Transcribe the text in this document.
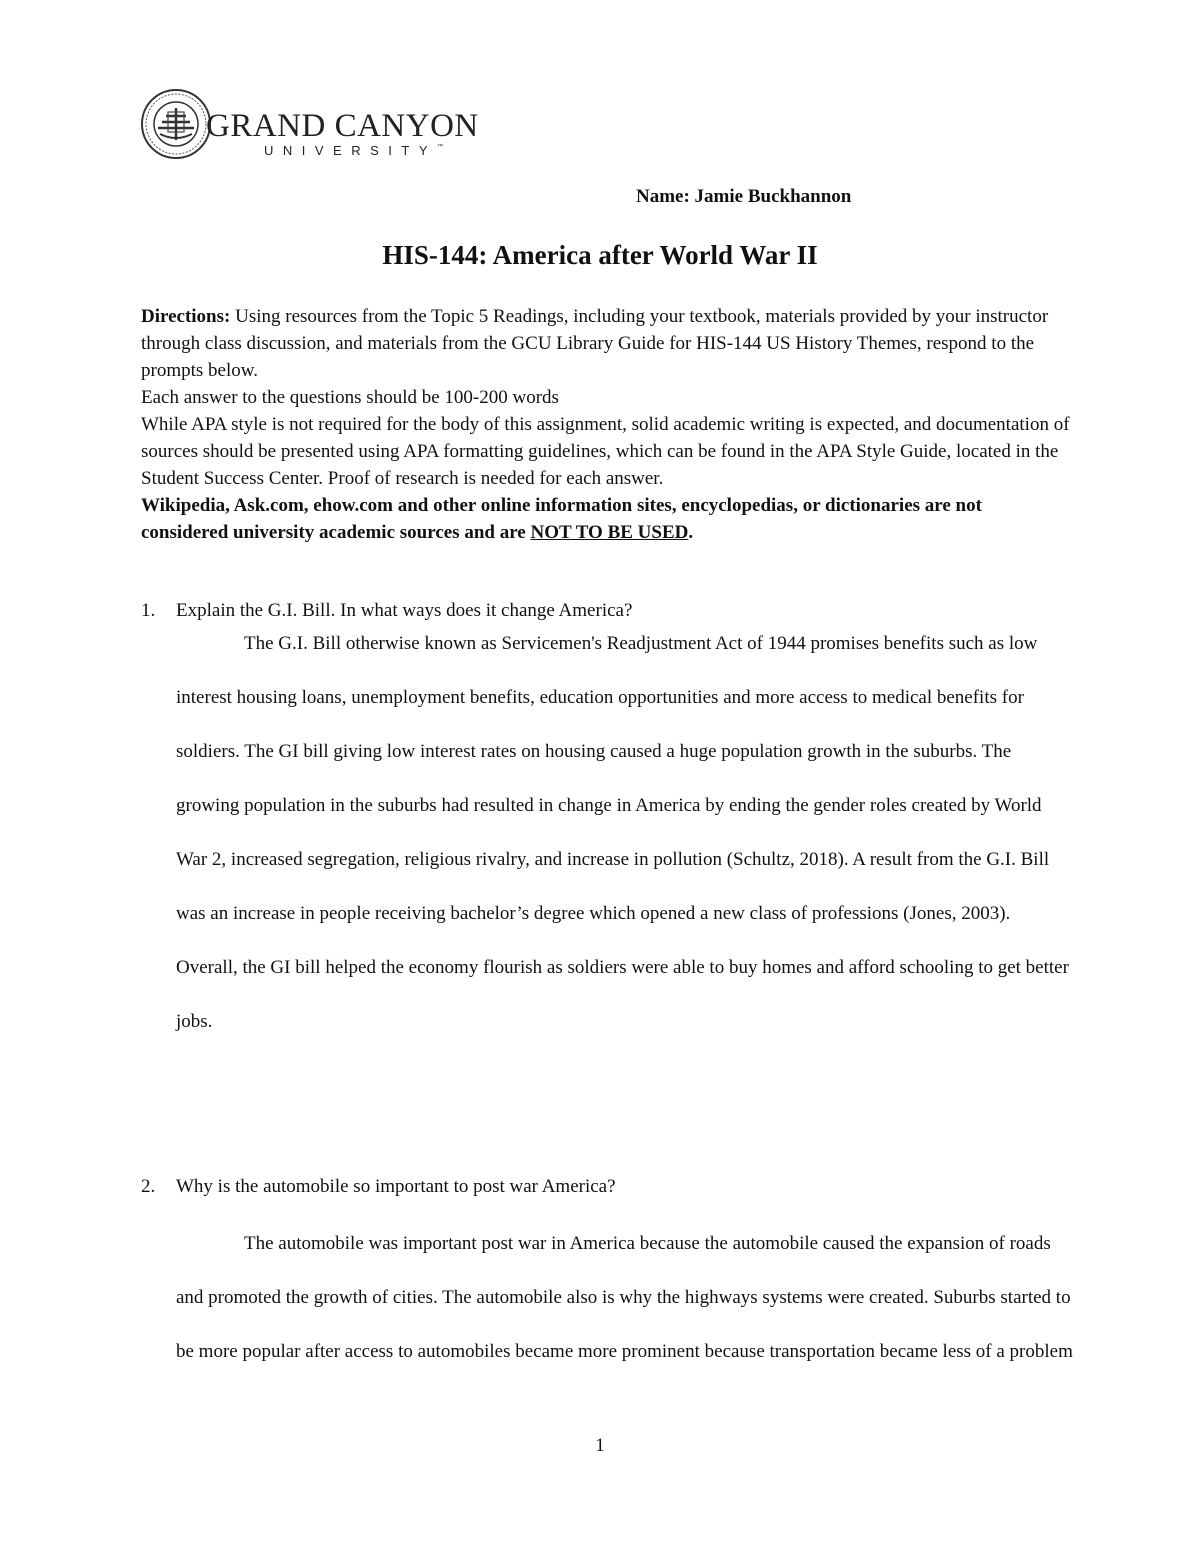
GRAND CANYON
UNIVERSITY™
Name: Jamie Buckhannon
HIS-144: America after World War II

Directions: Using resources from the Topic 5 Readings, including your textbook, materials provided by your instructor through class discussion, and materials from the GCU Library Guide for HIS-144 US History Themes, respond to the prompts below.

Each answer to the questions should be 100-200 words

While APA style is not required for the body of this assignment, solid academic writing is expected, and documentation of sources should be presented using APA formatting guidelines, which can be found in the APA Style Guide, located in the Student Success Center. Proof of research is needed for each answer.

Wikipedia, Ask.com, ehow.com and other online information sites, encyclopedias, or dictionaries are not considered university academic sources and are NOT TO BE USED.

1. Explain the G.I. Bill. In what ways does it change America?

The G.I. Bill otherwise known as Servicemen's Readjustment Act of 1944 promises benefits such as low interest housing loans, unemployment benefits, education opportunities and more access to medical benefits for soldiers. The GI bill giving low interest rates on housing caused a huge population growth in the suburbs. The growing population in the suburbs had resulted in change in America by ending the gender roles created by World War 2, increased segregation, religious rivalry, and increase in pollution (Schultz, 2018). A result from the G.I. Bill was an increase in people receiving bachelor’s degree which opened a new class of professions (Jones, 2003). Overall, the GI bill helped the economy flourish as soldiers were able to buy homes and afford schooling to get better jobs.

2. Why is the automobile so important to post war America?

The automobile was important post war in America because the automobile caused the expansion of roads and promoted the growth of cities. The automobile also is why the highways systems were created. Suburbs started to be more popular after access to automobiles became more prominent because transportation became less of a problem

1
